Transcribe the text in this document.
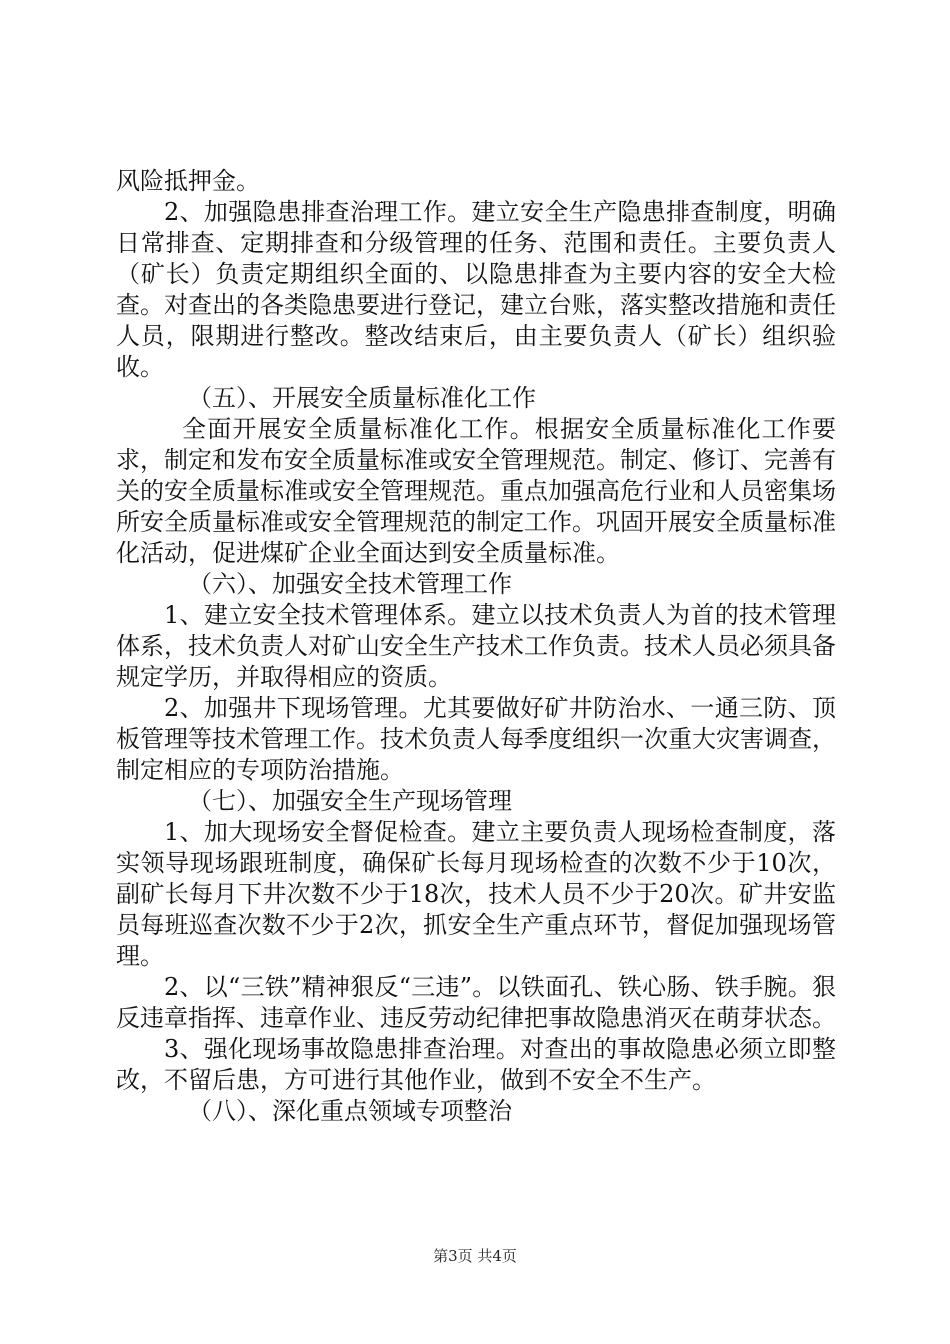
风险抵押金。

2、加强隐患排查治理工作。建立安全生产隐患排查制度，明确日常排查、定期排查和分级管理的任务、范围和责任。主要负责人（矿长）负责定期组织全面的、以隐患排查为主要内容的安全大检查。对查出的各类隐患要进行登记，建立台账，落实整改措施和责任人员，限期进行整改。整改结束后，由主要负责人（矿长）组织验收。

（五）、开展安全质量标准化工作

全面开展安全质量标准化工作。根据安全质量标准化工作要求，制定和发布安全质量标准或安全管理规范。制定、修订、完善有关的安全质量标准或安全管理规范。重点加强高危行业和人员密集场所安全质量标准或安全管理规范的制定工作。巩固开展安全质量标准化活动，促进煤矿企业全面达到安全质量标准。

（六）、加强安全技术管理工作

1、建立安全技术管理体系。建立以技术负责人为首的技术管理体系，技术负责人对矿山安全生产技术工作负责。技术人员必须具备规定学历，并取得相应的资质。

2、加强井下现场管理。尤其要做好矿井防治水、一通三防、顶板管理等技术管理工作。技术负责人每季度组织一次重大灾害调查，制定相应的专项防治措施。

（七）、加强安全生产现场管理

1、加大现场安全督促检查。建立主要负责人现场检查制度，落实领导现场跟班制度，确保矿长每月现场检查的次数不少于10次，副矿长每月下井次数不少于18次，技术人员不少于20次。矿井安监员每班巡查次数不少于2次，抓安全生产重点环节，督促加强现场管理。

2、以“三铁”精神狠反“三违”。以铁面孔、铁心肠、铁手腕。狠反违章指挥、违章作业、违反劳动纪律把事故隐患消灭在萌芽状态。

3、强化现场事故隐患排查治理。对查出的事故隐患必须立即整改，不留后患，方可进行其他作业，做到不安全不生产。

（八）、深化重点领域专项整治

第3页 共4页
